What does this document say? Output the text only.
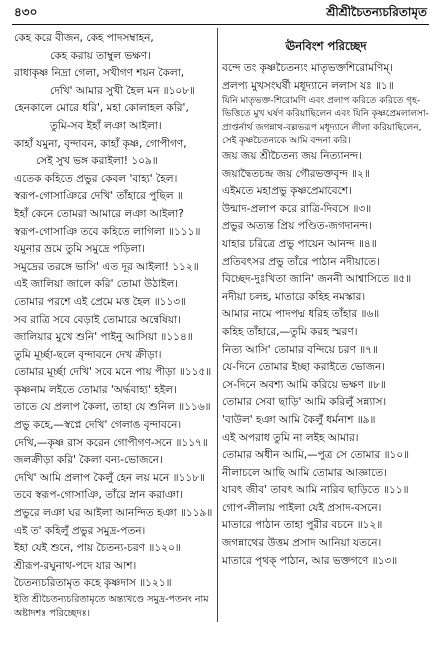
৪৩০	শ্রীশ্রীচৈতন্যচরিতামৃত
কেহ করে বীজন, কেহ পাদসম্বাহন,
কেহ করায় তাম্বুল ভক্ষণ।
রাধাকৃষ্ণ নিদ্রা গেলা, সখীগণ শয়ন কৈলা,
দেখি' আমার সুখী হৈল মন ॥১০৮॥
হেনকালে মোরে ধরি', মহা কোলাহল করি',
তুমি-সব ইহাঁ লঞা আইলা।
কাহাঁ যমুনা, বৃন্দাবন, কাহাঁ কৃষ্ণ, গোপীগণ,
সেই সুখ ভঙ্গ করাইলা! ১০৯॥
এতেক কহিতে প্রভুর কেবল 'বাহ্য' হৈল।
স্বরূপ-গোসাঞিরে দেখি' তাঁহারে পুছিল ॥
ইহাঁ কেনে তোমরা আমারে লঞা আইলা?
স্বরূপ-গোসাঞি তবে কহিতে লাগিলা ॥১১১॥
যমুনার ভ্রমে তুমি সমুদ্রে পড়িলা।
সমুদ্রের তরঙ্গে ভাসি' এত দূর আইলা! ১১২॥
এই জালিয়া জালে করি' তোমা উঠাইল।
তোমার পরশে এই প্রেমে মত্ত হৈল ॥১১৩॥
সব রাত্রি সবে বেড়াই তোমারে অন্বেষিয়া।
জালিয়ার মুখে শুনি' পাইনু আসিয়া ॥১১৪॥
তুমি মূর্চ্ছা-ছলে বৃন্দাবনে দেখ ক্রীড়া।
তোমার মূর্চ্ছা দেখি' সবে মনে পায় পীড়া ॥১১৫॥
কৃষ্ণনাম লইতে তোমার 'অর্দ্ধবাহ্য' হইল।
তাতে যে প্রলাপ কৈলা, তাহা যে শুনিল ॥১১৬॥
প্রভু কহে,—স্বপ্নে দেখি' গেলাঙ বৃন্দাবনে।
দেখি,—কৃষ্ণ রাস করেন গোপীগণ-সনে ॥১১৭॥
জলক্রীড়া করি' কৈলা বন্য-ভোজনে।
দেখি' আমি প্রলাপ কৈলুঁ হেন লয় মনে ॥১১৮॥
তবে স্বরূপ-গোসাঞি, তাঁরে স্নান করাঞা।
প্রভুরে লঞা ঘর আইলা আনন্দিত হঞা ॥১১৯॥
এই ত' কহিলুঁ প্রভুর সমুদ্র-পতন।
ইহা যেই শুনে, পায় চৈতন্য-চরণ ॥১২০॥
শ্রীরূপ-রঘুনাথ-পদে যার আশ।
চৈতন্যচরিতামৃত কহে কৃষ্ণদাস ॥১২১॥
ইতি শ্রীচৈতন্যচরিতামৃতে অন্ত্যখণ্ডে সমুদ্র-পতনং নাম অষ্টাদশঃ পরিচ্ছেদঃ।
ঊনবিংশ পরিচ্ছেদ
বন্দে তং কৃষ্ণচৈতন্যং মাতৃভক্তশিরোমণিম্।
প্রলপ্য মুখসংঘর্ষী মধূদ্যানে ললাস যঃ ॥১॥
যিনি মাতৃভক্ত-শিরোমণি এবং প্রলাপ করিতে করিতে গৃহ-ভিত্তিতে মুখ ঘর্ষণ করিয়াছিলেন এবং যিনি কৃষ্ণপ্রেমলালসা-প্রাপ্তর্নার্থ জগন্নাথ-বল্লভরূপ মধূদ্যানে লীলা করিয়াছিলেন, সেই কৃষ্ণচৈতন্যকে আমি বন্দনা করি।
জয় জয় শ্রীচৈতন্য জয় নিত্যানন্দ।
জয়াদ্বৈতচন্দ্র জয় গৌরভক্তবৃন্দ ॥২॥
এইমতে মহাপ্রভু কৃষ্ণপ্রেমাবেশে।
উন্মাদ-প্রলাপ করে রাত্রি-দিবসে ॥৩॥
প্রভুর অত্যন্ত প্রিয় পণ্ডিত-জগদানন্দ।
যাহার চরিত্রে প্রভু পায়েন আনন্দ ॥৪॥
প্রতিবৎসর প্রভু তাঁরে পাঠান নদীয়াতে।
বিচ্ছেদ-দুঃখিতা জানি' জননী আশ্বাসিতে ॥৫॥
নদীয়া চলহ, মাতারে কহিহ নমস্কার।
আমার নামে পাদপদ্ম ধরিহ তাঁহার ॥৬॥
কহিহ তাঁহারে,—তুমি করহ স্মরণ।
নিত্য আসি' তোমার বন্দিয়ে চরণ ॥৭॥
যে-দিনে তোমার ইচ্ছা করাইতে ভোজন।
সে-দিনে অবশ্য আমি করিয়ে ভক্ষণ ॥৮॥
তোমার সেবা ছাড়ি' আমি করিলুঁ সন্ন্যাস।
'বাউল' হঞা আমি কৈলুঁ ধর্মনাশ ॥৯॥
এই অপরাধ তুমি না লইহ আমার।
তোমার অধীন আমি,—পুত্র সে তোমার ॥১০॥
নীলাচলে আছি আমি তোমার আজ্ঞাতে।
যাবৎ জীব' তাবৎ আমি নারিব ছাড়িতে ॥১১॥
গোপ-লীলায় পাইলা যেই প্রসাদ-বসনে।
মাতারে পাঠান তাহা পুরীর বচনে ॥১২॥
জগন্নাথের উত্তম প্রসাদ আনিয়া যতনে।
মাতারে পৃথক্ পাঠান, আর ভক্তগণে ॥১৩॥
